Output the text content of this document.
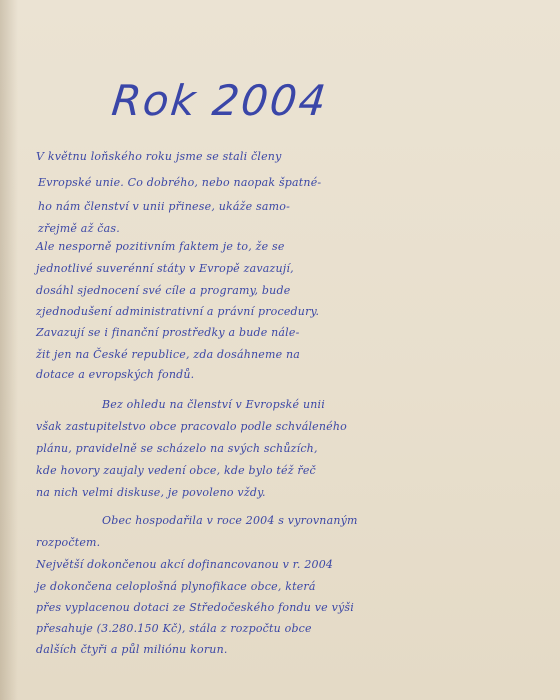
Rok 2004
V květnu loňského roku jsme se stali členy
Evropské unie. Co dobrého, nebo naopak špatné-
ho nám členství v unii přinese, ukáže samo-
zřejmě až čas.
Ale nesporně pozitivním faktem je to, že se
jednotlivé suverénní státy v Evropě zavazují,
dosáhl sjednocení své cíle a programy, bude
zjednodušení administrativní a právní procedury.
Zavazují se i finanční prostředky a bude nále-
žit jen na České republice, zda dosáhneme na
dotace a evropských fondů.
Bez ohledu na členství v Evropské unii
však zastupitelstvo obce pracovalo podle schváleného
plánu, pravidelně se scházelo na svých schůzích,
kde hovory zaujaly vedení obce, kde bylo též řeč
na nich velmi diskuse, je povoleno vždy.
Obec hospodařila v roce 2004 s vyrovnaným
rozpočtem.
Největší dokončenou akcí dofinancovanou v r. 2004
je dokončena celoplošná plynofikace obce, která
přes vyplacenou dotaci ze Středočeského fondu ve výši
přesahuje (3.280.150 Kč), stála z rozpočtu obce
dalších čtyři a půl miliónu korun.
